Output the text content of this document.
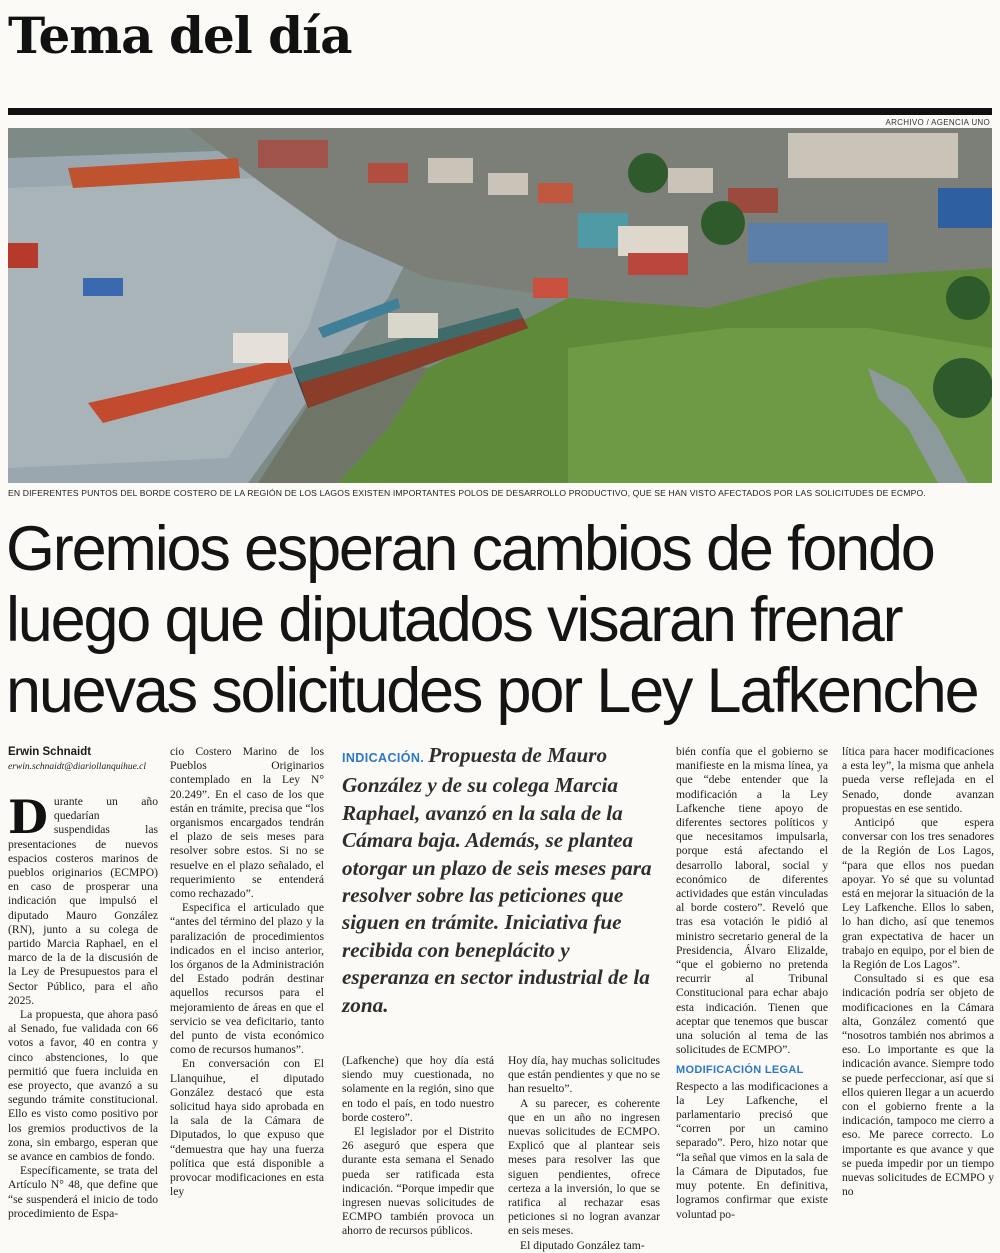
Tema del día
ARCHIVO / AGENCIA UNO
EN DIFERENTES PUNTOS DEL BORDE COSTERO DE LA REGIÓN DE LOS LAGOS EXISTEN IMPORTANTES POLOS DE DESARROLLO PRODUCTIVO, QUE SE HAN VISTO AFECTADOS POR LAS SOLICITUDES DE ECMPO.
Gremios esperan cambios de fondo luego que diputados visaran frenar nuevas solicitudes por Ley Lafkenche
Erwin Schnaidt
erwin.schnaidt@diariollanquihue.cl

Durante un año quedarían suspendidas las presentaciones de nuevos espacios costeros marinos de pueblos originarios (ECMPO) en caso de prosperar una indicación que impulsó el diputado Mauro González (RN), junto a su colega de partido Marcia Raphael, en el marco de la de la discusión de la Ley de Presupuestos para el Sector Público, para el año 2025.

La propuesta, que ahora pasó al Senado, fue validada con 66 votos a favor, 40 en contra y cinco abstenciones, lo que permitió que fuera incluida en ese proyecto, que avanzó a su segundo trámite constitucional. Ello es visto como positivo por los gremios productivos de la zona, sin embargo, esperan que se avance en cambios de fondo.

Específicamente, se trata del Artículo N° 48, que define que “se suspenderá el inicio de todo procedimiento de Espa-

cio Costero Marino de los Pueblos Originarios contemplado en la Ley N° 20.249”. En el caso de los que están en trámite, precisa que “los organismos encargados tendrán el plazo de seis meses para resolver sobre estos. Si no se resuelve en el plazo señalado, el requerimiento se entenderá como rechazado”.

Especifica el articulado que “antes del término del plazo y la paralización de procedimientos indicados en el inciso anterior, los órganos de la Administración del Estado podrán destinar aquellos recursos para el mejoramiento de áreas en que el servicio se vea deficitario, tanto del punto de vista económico como de recursos humanos”.

En conversación con El Llanquihue, el diputado González destacó que esta solicitud haya sido aprobada en la sala de la Cámara de Diputados, lo que expuso que “demuestra que hay una fuerza política que está disponible a provocar modificaciones en esta ley

INDICACIÓN. Propuesta de Mauro González y de su colega Marcia Raphael, avanzó en la sala de la Cámara baja. Además, se plantea otorgar un plazo de seis meses para resolver sobre las peticiones que siguen en trámite. Iniciativa fue recibida con beneplácito y esperanza en sector industrial de la zona.

(Lafkenche) que hoy día está siendo muy cuestionada, no solamente en la región, sino que en todo el país, en todo nuestro borde costero”.

El legislador por el Distrito 26 aseguró que espera que durante esta semana el Senado pueda ser ratificada esta indicación. “Porque impedir que ingresen nuevas solicitudes de ECMPO también provoca un ahorro de recursos públicos.

Hoy día, hay muchas solicitudes que están pendientes y que no se han resuelto”.

A su parecer, es coherente que en un año no ingresen nuevas solicitudes de ECMPO. Explicó que al plantear seis meses para resolver las que siguen pendientes, ofrece certeza a la inversión, lo que se ratifica al rechazar esas peticiones si no logran avanzar en seis meses.

El diputado González tam-

bién confía que el gobierno se manifieste en la misma línea, ya que “debe entender que la modificación a la Ley Lafkenche tiene apoyo de diferentes sectores políticos y que necesitamos impulsarla, porque está afectando el desarrollo laboral, social y económico de diferentes actividades que están vinculadas al borde costero”. Reveló que tras esa votación le pidió al ministro secretario general de la Presidencia, Álvaro Elizalde, “que el gobierno no pretenda recurrir al Tribunal Constitucional para echar abajo esta indicación. Tienen que aceptar que tenemos que buscar una solución al tema de las solicitudes de ECMPO”.

MODIFICACIÓN LEGAL

Respecto a las modificaciones a la Ley Lafkenche, el parlamentario precisó que “corren por un camino separado”. Pero, hizo notar que “la señal que vimos en la sala de la Cámara de Diputados, fue muy potente. En definitiva, logramos confirmar que existe voluntad po-

lítica para hacer modificaciones a esta ley”, la misma que anhela pueda verse reflejada en el Senado, donde avanzan propuestas en ese sentido.

Anticipó que espera conversar con los tres senadores de la Región de Los Lagos, “para que ellos nos puedan apoyar. Yo sé que su voluntad está en mejorar la situación de la Ley Lafkenche. Ellos lo saben, lo han dicho, así que tenemos gran expectativa de hacer un trabajo en equipo, por el bien de la Región de Los Lagos”.

Consultado si es que esa indicación podría ser objeto de modificaciones en la Cámara alta, González comentó que “nosotros también nos abrimos a eso. Lo importante es que la indicación avance. Siempre todo se puede perfeccionar, así que si ellos quieren llegar a un acuerdo con el gobierno frente a la indicación, tampoco me cierro a eso. Me parece correcto. Lo importante es que avance y que se pueda impedir por un tiempo nuevas solicitudes de ECMPO y no
